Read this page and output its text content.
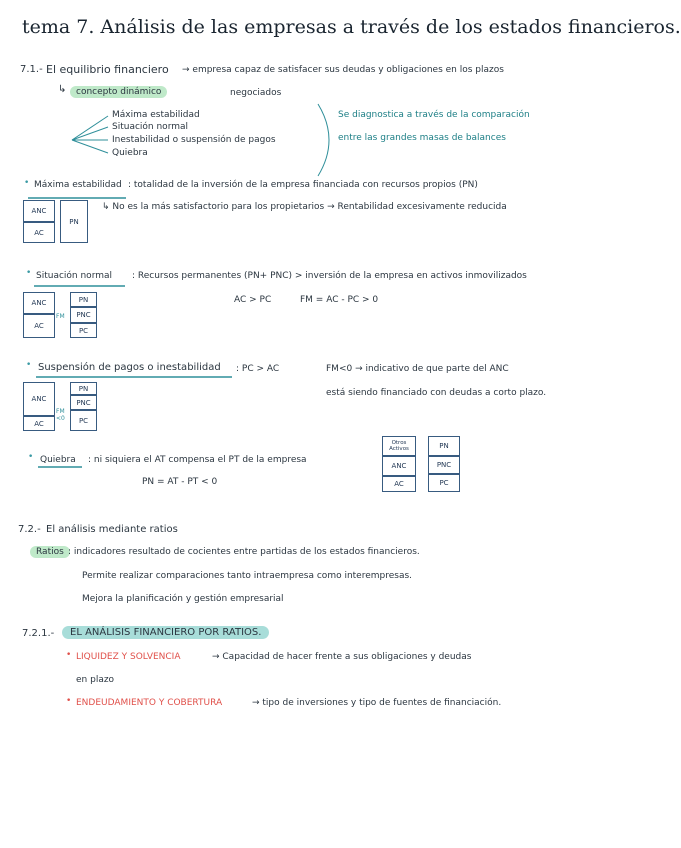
tema 7. Análisis de las empresas a través de los estados financieros.
7.1.- El equilibrio financiero → empresa capaz de satisfacer sus deudas y obligaciones en los plazos
negociados
↳	concepto dinámico
Máxima estabilidad
Situación normal
Inestabilidad o suspensión de pagos
Quiebra
Se diagnostica a través de la comparación
entre las grandes masas de balances
• Máxima estabilidad : totalidad de la inversión de la empresa financiada con recursos propios (PN)
ANC
AC
PN
↳ No es la más satisfactorio para los propietarios → Rentabilidad excesivamente reducida
• Situación normal : Recursos permanentes (PN+ PNC) > inversión de la empresa en activos inmovilizados
ANC
AC
FM
PN
PNC
PC
AC > PC	FM = AC - PC > 0
• Suspensión de pagos o inestabilidad : PC > AC	FM<0 → indicativo de que parte del ANC
está siendo financiado con deudas a corto plazo.
ANC
AC
FM <0
PN
PNC
PC
Otros Activos
ANC
AC
PN
PNC
PC
• Quiebra : ni siquiera el AT compensa el PT de la empresa
PN = AT - PT < 0
7.2.- El análisis mediante ratios
Ratios : indicadores resultado de cocientes entre partidas de los estados financieros.
Permite realizar comparaciones tanto intraempresa como interempresas.
Mejora la planificación y gestión empresarial
7.2.1.-	EL ANÁLISIS FINANCIERO POR RATIOS.
• LIQUIDEZ Y SOLVENCIA	→ Capacidad de hacer frente a sus obligaciones y deudas
en plazo
• ENDEUDAMIENTO Y COBERTURA	→ tipo de inversiones y tipo de fuentes de financiación.
